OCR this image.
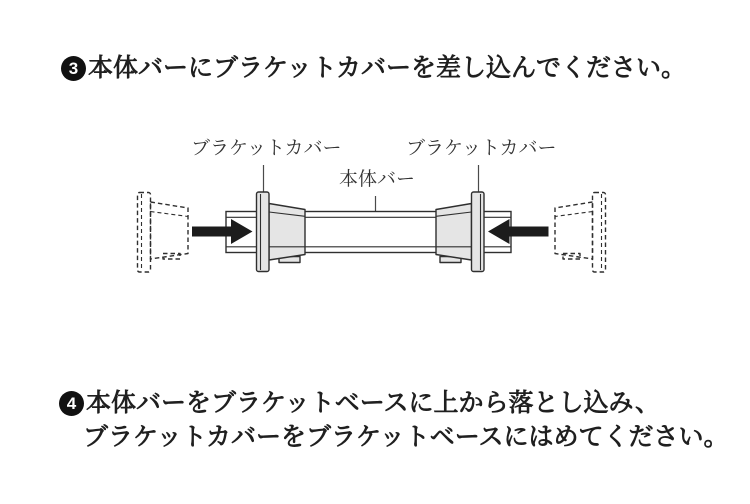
3 本体バーにブラケットカバーを差し込んでください。
ブラケットカバー	ブラケットカバー
本体バー
4 本体バーをブラケットベースに上から落とし込み、
ブラケットカバーをブラケットベースにはめてください。
